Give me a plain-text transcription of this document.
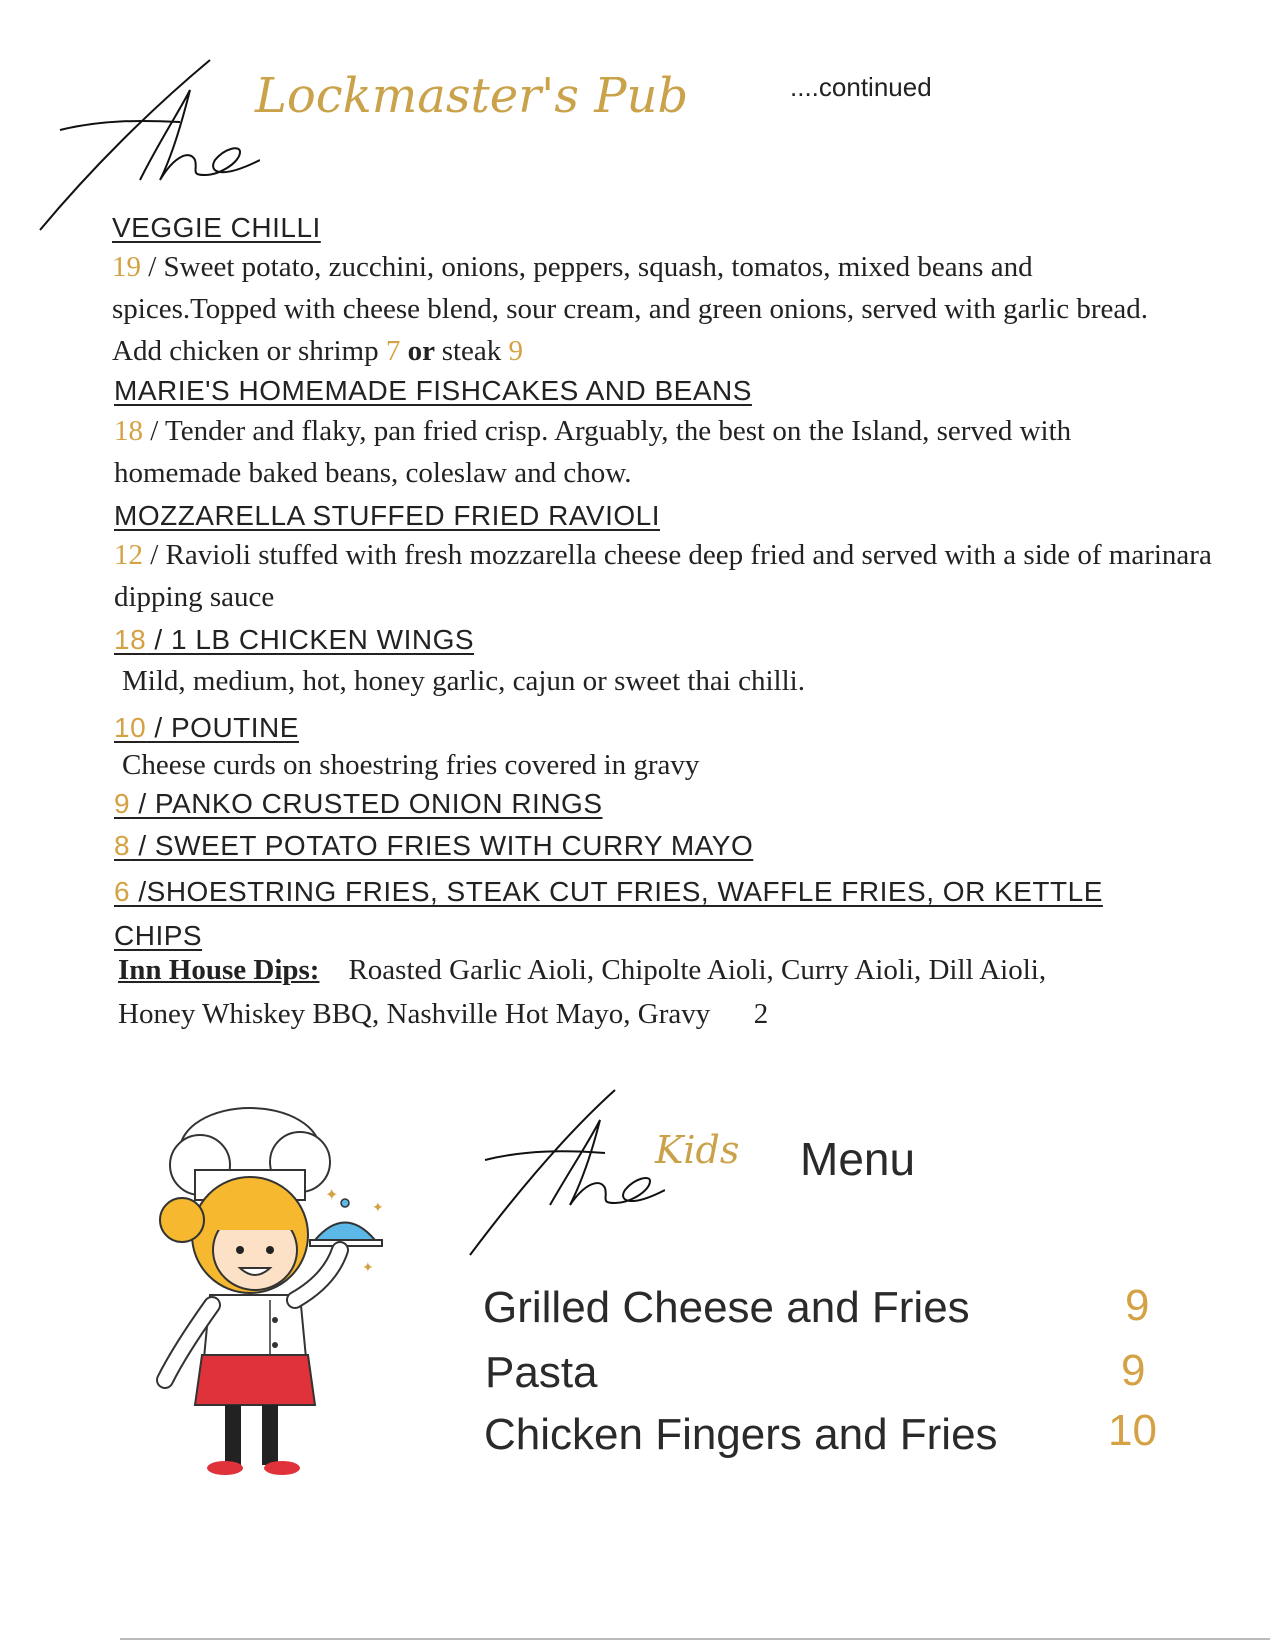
Lockmaster's Pub	....continued
VEGGIE CHILLI
19 / Sweet potato, zucchini, onions, peppers, squash, tomatos, mixed beans and spices.Topped with cheese blend, sour cream, and green onions, served with garlic bread. Add chicken or shrimp 7 or steak 9
MARIE'S HOMEMADE FISHCAKES AND BEANS
18 / Tender and flaky, pan fried crisp. Arguably, the best on the Island, served with homemade baked beans, coleslaw and chow.
MOZZARELLA STUFFED FRIED RAVIOLI
12 / Ravioli stuffed with fresh mozzarella cheese deep fried and served with a side of marinara dipping sauce
18 / 1 LB CHICKEN WINGS
Mild, medium, hot, honey garlic, cajun or sweet thai chilli.
10 / POUTINE
Cheese curds on shoestring fries covered in gravy
9 / PANKO CRUSTED ONION RINGS
8 / SWEET POTATO FRIES WITH CURRY MAYO
6 /SHOESTRING FRIES, STEAK CUT FRIES, WAFFLE FRIES, OR KETTLE CHIPS
Inn House Dips: Roasted Garlic Aioli, Chipolte Aioli, Curry Aioli, Dill Aioli, Honey Whiskey BBQ, Nashville Hot Mayo, Gravy 2
✦
✦
✦
Kids Menu
Grilled Cheese and Fries	9
Pasta	9
Chicken Fingers and Fries	10
